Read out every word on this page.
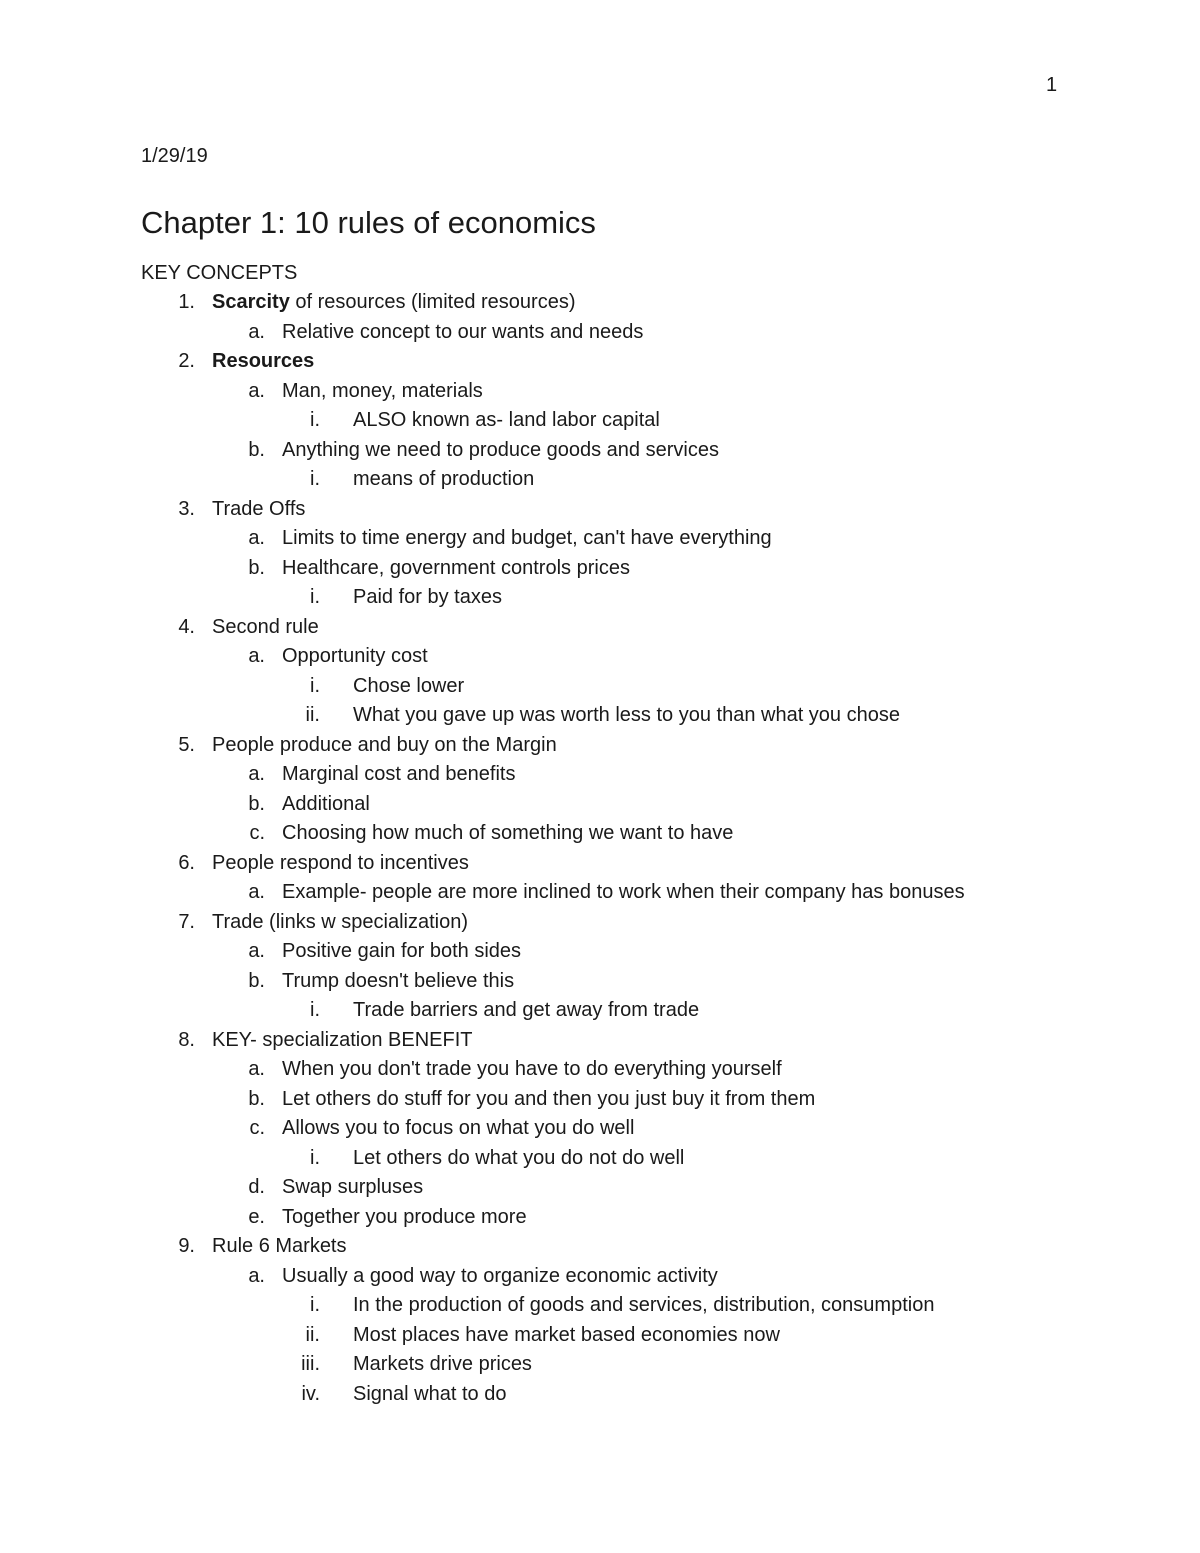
1
1/29/19
Chapter 1: 10 rules of economics
KEY CONCEPTS
1. Scarcity of resources (limited resources)
a. Relative concept to our wants and needs
2. Resources
a. Man, money, materials
i. ALSO known as- land labor capital
b. Anything we need to produce goods and services
i. means of production
3. Trade Offs
a. Limits to time energy and budget, can't have everything
b. Healthcare, government controls prices
i. Paid for by taxes
4. Second rule
a. Opportunity cost
i. Chose lower
ii. What you gave up was worth less to you than what you chose
5. People produce and buy on the Margin
a. Marginal cost and benefits
b. Additional
c. Choosing how much of something we want to have
6. People respond to incentives
a. Example- people are more inclined to work when their company has bonuses
7. Trade (links w specialization)
a. Positive gain for both sides
b. Trump doesn't believe this
i. Trade barriers and get away from trade
8. KEY- specialization BENEFIT
a. When you don't trade you have to do everything yourself
b. Let others do stuff for you and then you just buy it from them
c. Allows you to focus on what you do well
i. Let others do what you do not do well
d. Swap surpluses
e. Together you produce more
9. Rule 6 Markets
a. Usually a good way to organize economic activity
i. In the production of goods and services, distribution, consumption
ii. Most places have market based economies now
iii. Markets drive prices
iv. Signal what to do
